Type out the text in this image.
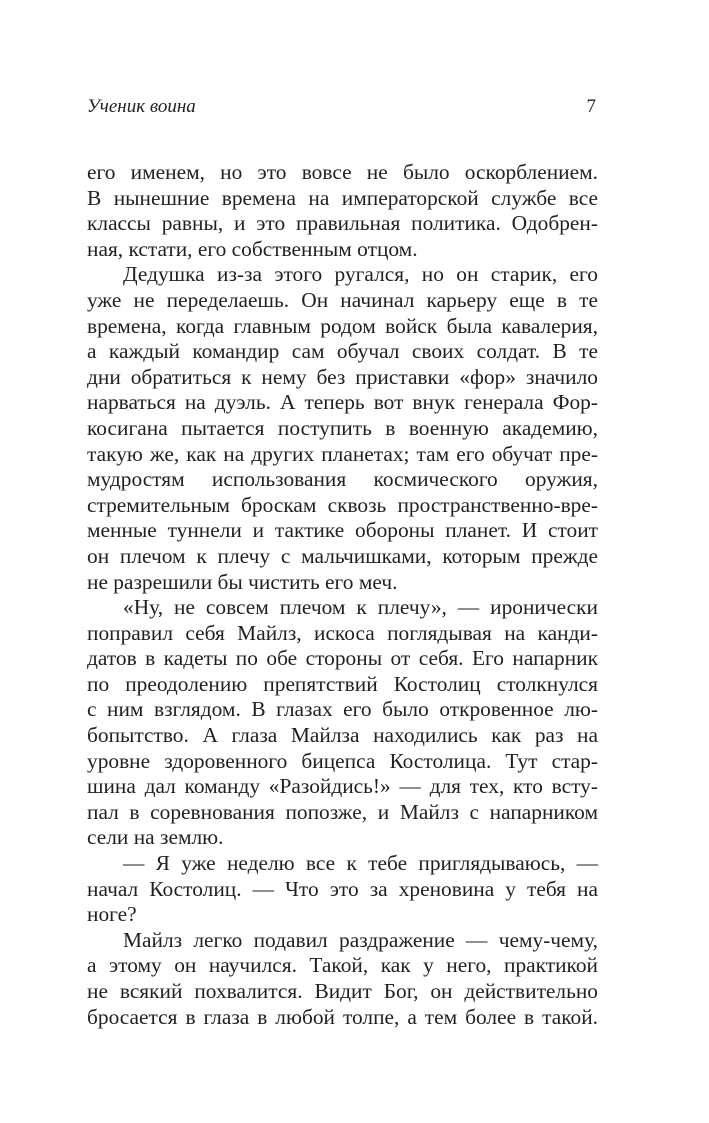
Ученик воина	7
его именем, но это вовсе не было оскорблением.
В нынешние времена на императорской службе все
классы равны, и это правильная политика. Одобрен-
ная, кстати, его собственным отцом.
Дедушка из-за этого ругался, но он старик, его
уже не переделаешь. Он начинал карьеру еще в те
времена, когда главным родом войск была кавалерия,
а каждый командир сам обучал своих солдат. В те
дни обратиться к нему без приставки «фор» значило
нарваться на дуэль. А теперь вот внук генерала Фор-
косигана пытается поступить в военную академию,
такую же, как на других планетах; там его обучат пре-
мудростям использования космического оружия,
стремительным броскам сквозь пространственно-вре-
менные туннели и тактике обороны планет. И стоит
он плечом к плечу с мальчишками, которым прежде
не разрешили бы чистить его меч.
«Ну, не совсем плечом к плечу», — иронически
поправил себя Майлз, искоса поглядывая на канди-
датов в кадеты по обе стороны от себя. Его напарник
по преодолению препятствий Костолиц столкнулся
с ним взглядом. В глазах его было откровенное лю-
бопытство. А глаза Майлза находились как раз на
уровне здоровенного бицепса Костолица. Тут стар-
шина дал команду «Разойдись!» — для тех, кто всту-
пал в соревнования попозже, и Майлз с напарником
сели на землю.
— Я уже неделю все к тебе приглядываюсь, —
начал Костолиц. — Что это за хреновина у тебя на
ноге?
Майлз легко подавил раздражение — чему-чему,
а этому он научился. Такой, как у него, практикой
не всякий похвалится. Видит Бог, он действительно
бросается в глаза в любой толпе, а тем более в такой.
